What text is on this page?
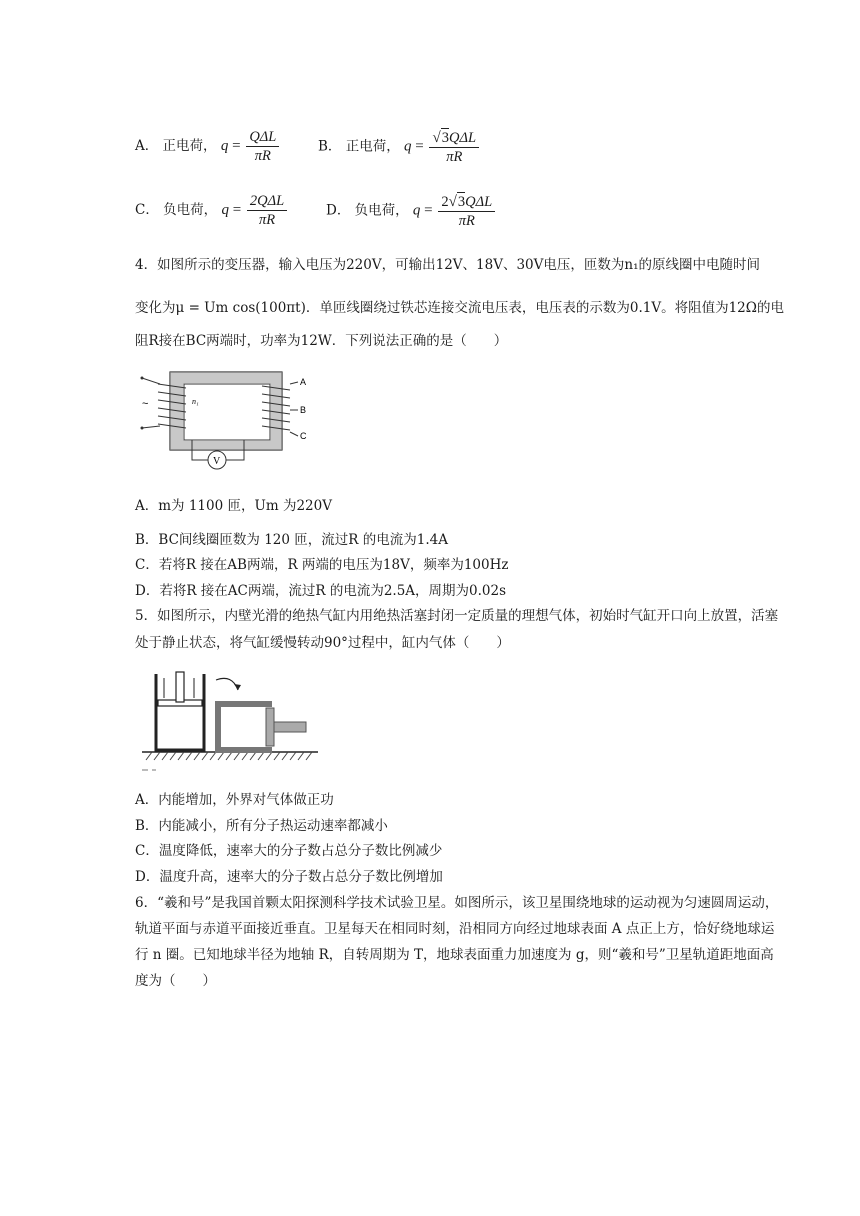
A． 正电荷， $q = \frac{\text{QΔL}}{\pi R}$	B． 正电荷， $q = \frac{\text{√3QΔL}}{\pi R}$
C． 负电荷， $q = \frac{\text{2QΔL}}{\pi R}$	D． 负电荷， $q = \frac{\text{2√3QΔL}}{\pi R}$
4．如图所示的变压器，输入电压为220V，可输出12V、18V、30V电压，匝数为n₁的原线圈中电随时间
变化为μ = Um cos(100πt)．单匝线圈绕过铁芯连接交流电压表，电压表的示数为0.1V。将阻值为12Ω的电
阻R接在BC两端时，功率为12W．下列说法正确的是（　　）
V
A
B
C
n₁
~
A．m为 1100 匝，Um 为220V
B．BC间线圈匝数为 120 匝，流过R 的电流为1.4A
C．若将R 接在AB两端，R 两端的电压为18V，频率为100Hz
D．若将R 接在AC两端，流过R 的电流为2.5A，周期为0.02s
5．如图所示，内壁光滑的绝热气缸内用绝热活塞封闭一定质量的理想气体，初始时气缸开口向上放置，活塞
处于静止状态，将气缸缓慢转动90°过程中，缸内气体（　　）
A．内能增加，外界对气体做正功
B．内能减小，所有分子热运动速率都减小
C．温度降低，速率大的分子数占总分子数比例减少
D．温度升高，速率大的分子数占总分子数比例增加
6．“羲和号”是我国首颗太阳探测科学技术试验卫星。如图所示，该卫星围绕地球的运动视为匀速圆周运动，
轨道平面与赤道平面接近垂直。卫星每天在相同时刻，沿相同方向经过地球表面 A 点正上方，恰好绕地球运
行 n 圈。已知地球半径为地轴 R，自转周期为 T，地球表面重力加速度为 g，则“羲和号”卫星轨道距地面高
度为（　　）
